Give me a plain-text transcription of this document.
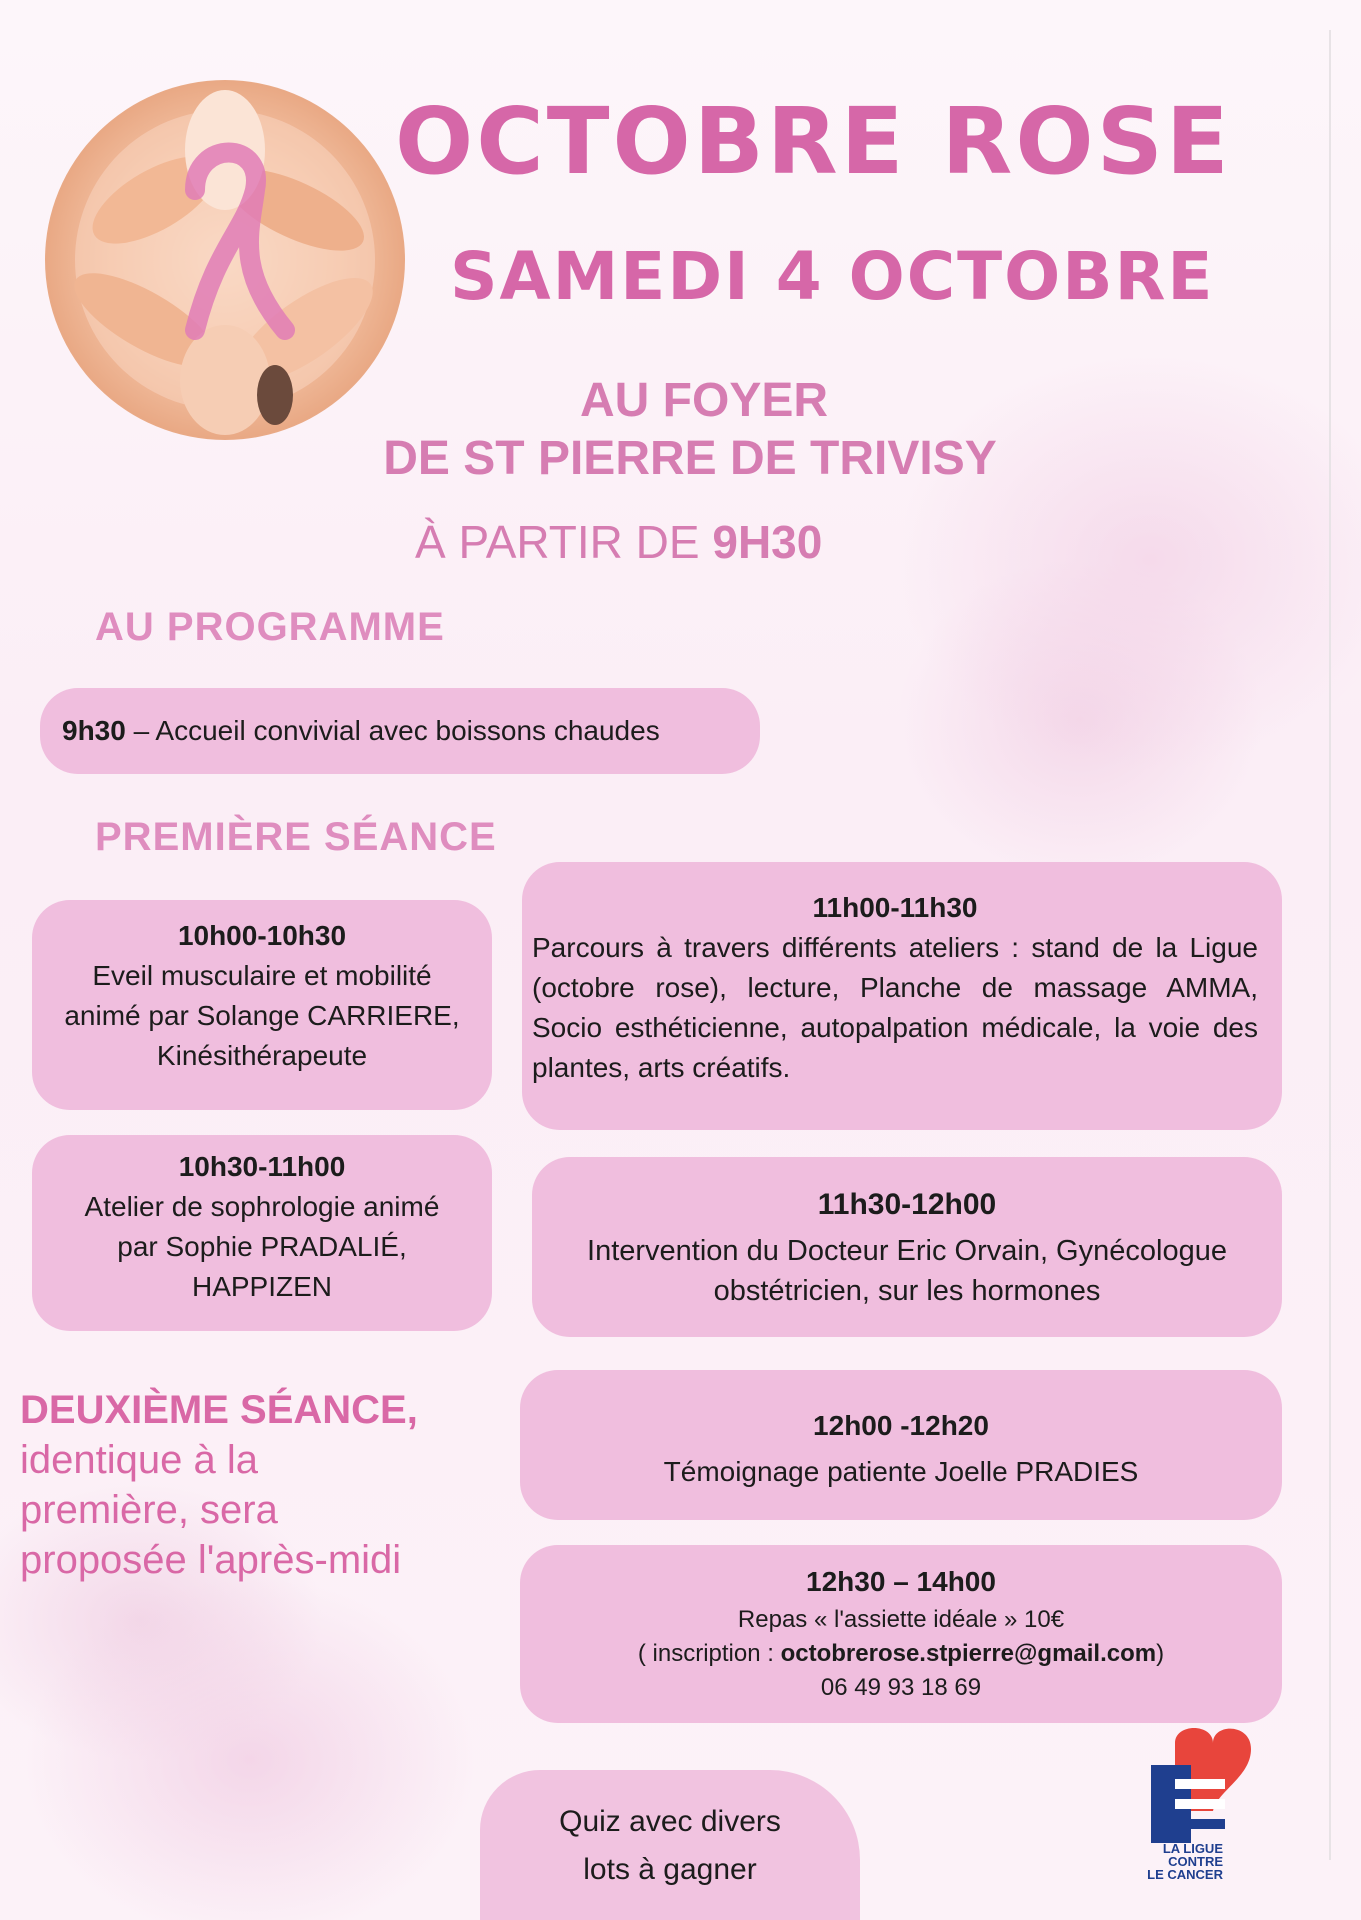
OCTOBRE ROSE
SAMEDI 4 OCTOBRE
AU FOYER
DE ST PIERRE DE TRIVISY
À PARTIR DE 9H30
AU PROGRAMME
9h30 – Accueil convivial avec boissons chaudes
PREMIÈRE SÉANCE
10h00-10h30
Eveil musculaire et mobilité
animé par Solange CARRIERE,
Kinésithérapeute
10h30-11h00
Atelier de sophrologie animé
par Sophie PRADALIÉ,
HAPPIZEN
11h00-11h30
Parcours à travers différents ateliers : stand de la Ligue (octobre rose), lecture, Planche de massage AMMA, Socio esthéticienne, autopalpation médicale, la voie des plantes, arts créatifs.
11h30-12h00
Intervention du Docteur Eric Orvain, Gynécologue
obstétricien, sur les hormones
12h00 -12h20
Témoignage patiente Joelle PRADIES
12h30 – 14h00
Repas « l'assiette idéale » 10€
( inscription : octobrerose.stpierre@gmail.com)
06 49 93 18 69
DEUXIÈME SÉANCE,
identique à la
première, sera
proposée l'après-midi
Quiz avec divers
lots à gagner
LA LIGUE
CONTRE
LE CANCER
